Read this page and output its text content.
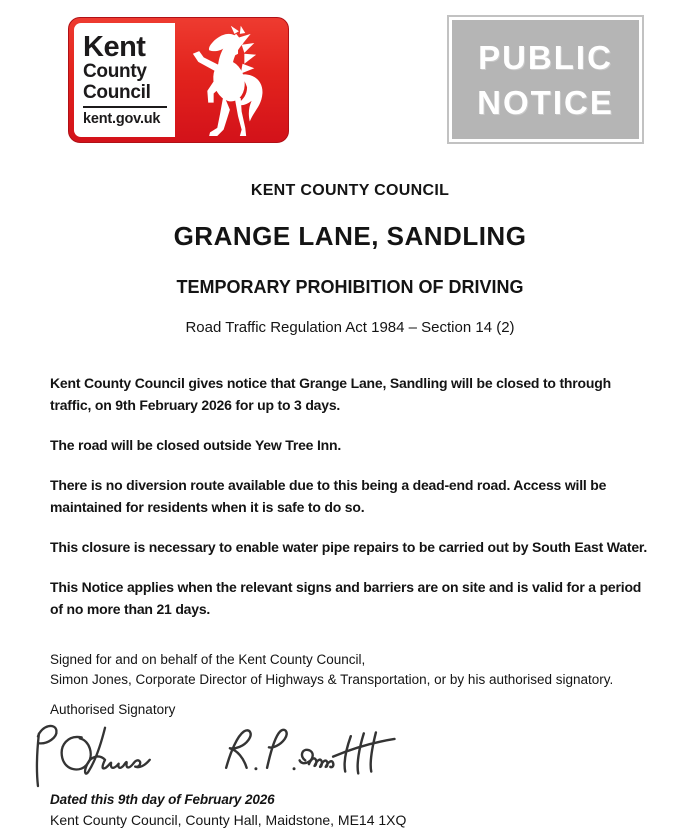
Kent
County
Council
kent.gov.uk
PUBLIC
NOTICE
KENT COUNTY COUNCIL
GRANGE LANE, SANDLING
TEMPORARY PROHIBITION OF DRIVING
Road Traffic Regulation Act 1984 – Section 14 (2)

Kent County Council gives notice that Grange Lane, Sandling will be closed to through traffic, on 9th February 2026 for up to 3 days.

The road will be closed outside Yew Tree Inn.

There is no diversion route available due to this being a dead-end road. Access will be maintained for residents when it is safe to do so.

This closure is necessary to enable water pipe repairs to be carried out by South East Water.

This Notice applies when the relevant signs and barriers are on site and is valid for a period of no more than 21 days.

Signed for and on behalf of the Kent County Council,
Simon Jones, Corporate Director of Highways & Transportation, or by his authorised signatory.
Authorised Signatory
Dated this 9th day of February 2026
Kent County Council, County Hall, Maidstone, ME14 1XQ
